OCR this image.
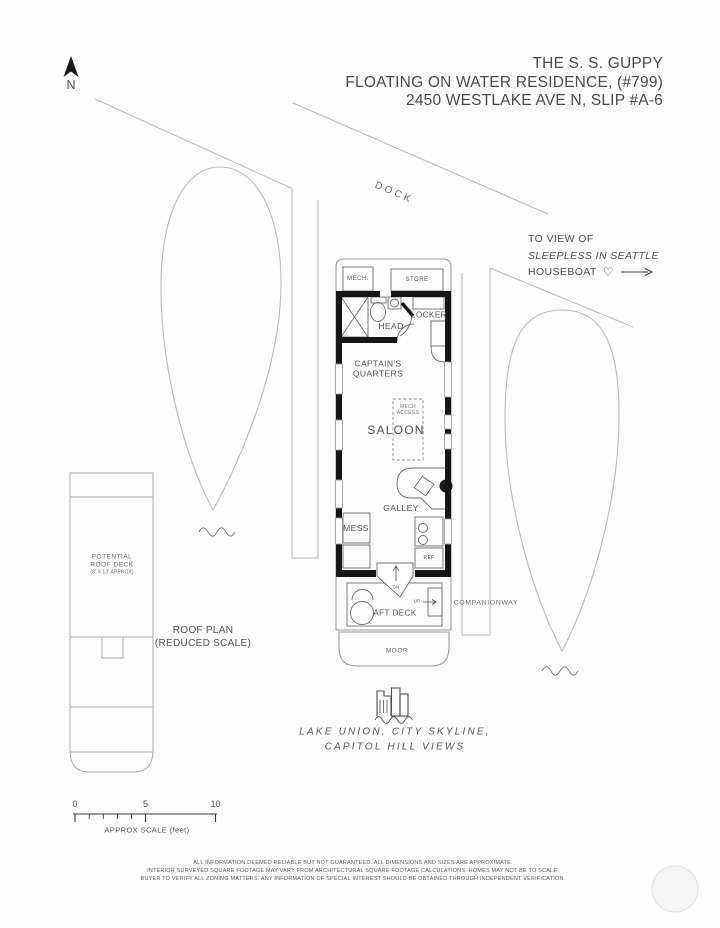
THE S. S. GUPPY
FLOATING ON WATER RESIDENCE, (#799)
2450 WESTLAKE AVE N, SLIP #A-6
N
DOCK
TO VIEW OF
SLEEPLESS IN SEATTLE
HOUSEBOAT ♡
MECH.	STORE
HEAD
LOCKER
CAPTAIN'S
QUARTERS
MECH
ACCESS
SALOON
GALLEY
MESS
REF
DN
UP
AFT DECK
MOOR
COMPANIONWAY
POTENTIAL
ROOF DECK
(8' X 13' APPROX)
ROOF PLAN
(REDUCED SCALE)
LAKE UNION, CITY SKYLINE,
CAPITOL HILL VIEWS
0	5	10
APPROX SCALE (feet)
ALL INFORMATION DEEMED RELIABLE BUT NOT GUARANTEED. ALL DIMENSIONS AND SIZES ARE APPROXIMATE.
INTERIOR SURVEYED SQUARE FOOTAGE MAY VARY FROM ARCHITECTURAL SQUARE FOOTAGE CALCULATIONS. HOMES MAY NOT BE TO SCALE.
BUYER TO VERIFY ALL ZONING MATTERS. ANY INFORMATION OF SPECIAL INTEREST SHOULD BE OBTAINED THROUGH INDEPENDENT VERIFICATION.
